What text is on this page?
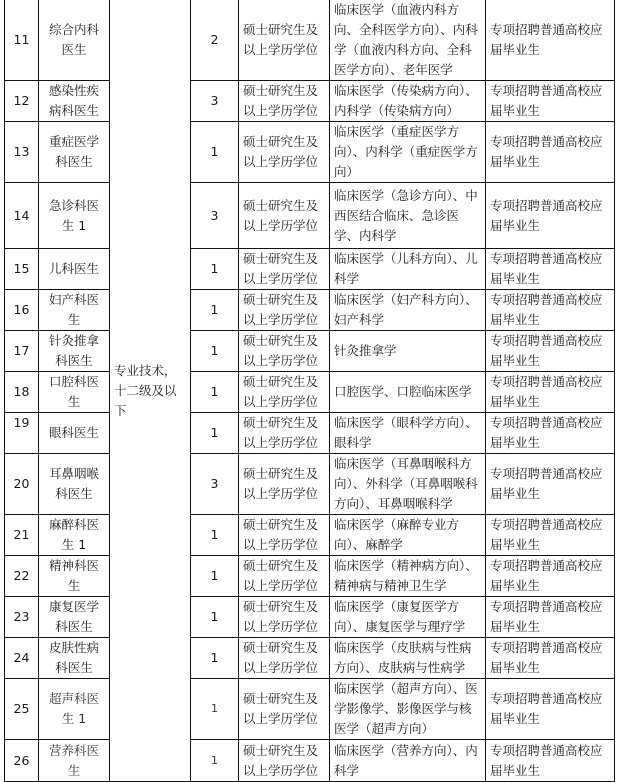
11	综合内科医生	专业技术，十二级及以下	2	硕士研究生及以上学历学位	临床医学（血液内科方向、全科医学方向）、内科学（血液内科方向、全科医学方向）、老年医学	专项招聘普通高校应届毕业生
12	感染性疾病科医生		3	硕士研究生及以上学历学位	临床医学（传染病方向）、内科学（传染病方向）	专项招聘普通高校应届毕业生
13	重症医学科医生		1	硕士研究生及以上学历学位	临床医学（重症医学方向）、内科学（重症医学方向）	专项招聘普通高校应届毕业生
14	急诊科医生 1		3	硕士研究生及以上学历学位	临床医学（急诊方向）、中西医结合临床、急诊医学、内科学	专项招聘普通高校应届毕业生
15	儿科医生		1	硕士研究生及以上学历学位	临床医学（儿科方向）、儿科学	专项招聘普通高校应届毕业生
16	妇产科医生		1	硕士研究生及以上学历学位	临床医学（妇产科方向）、妇产科学	专项招聘普通高校应届毕业生
17	针灸推拿科医生		1	硕士研究生及以上学历学位	针灸推拿学	专项招聘普通高校应届毕业生
18	口腔科医生		1	硕士研究生及以上学历学位	口腔医学、口腔临床医学	专项招聘普通高校应届毕业生
19	眼科医生		1	硕士研究生及以上学历学位	临床医学（眼科学方向）、眼科学	专项招聘普通高校应届毕业生
20	耳鼻咽喉科医生		3	硕士研究生及以上学历学位	临床医学（耳鼻咽喉科方向）、外科学（耳鼻咽喉科方向）、耳鼻咽喉科学	专项招聘普通高校应届毕业生
21	麻醉科医生 1		1	硕士研究生及以上学历学位	临床医学（麻醉专业方向）、麻醉学	专项招聘普通高校应届毕业生
22	精神科医生		1	硕士研究生及以上学历学位	临床医学（精神病方向）、精神病与精神卫生学	专项招聘普通高校应届毕业生
23	康复医学科医生		1	硕士研究生及以上学历学位	临床医学（康复医学方向）、康复医学与理疗学	专项招聘普通高校应届毕业生
24	皮肤性病科医生		1	硕士研究生及以上学历学位	临床医学（皮肤病与性病方向）、皮肤病与性病学	专项招聘普通高校应届毕业生
25	超声科医生 1		1	硕士研究生及以上学历学位	临床医学（超声方向）、医学影像学、影像医学与核医学（超声方向）	专项招聘普通高校应届毕业生
26	营养科医生		1	硕士研究生及以上学历学位	临床医学（营养方向）、内科学	专项招聘普通高校应届毕业生
